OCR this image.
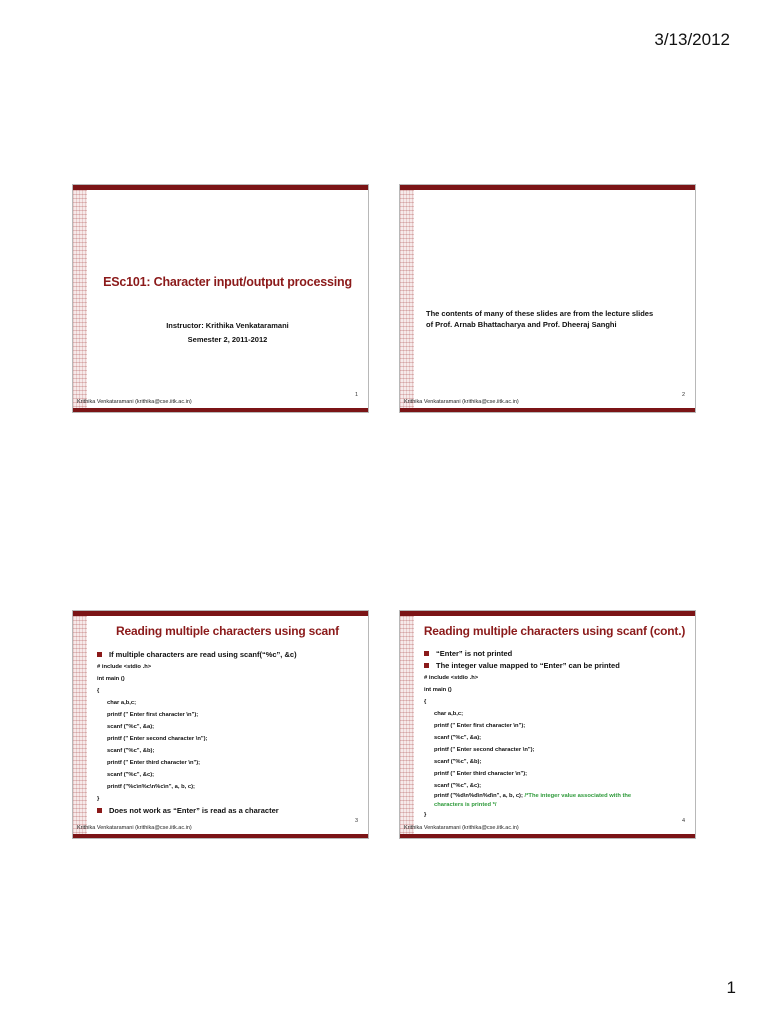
3/13/2012
ESc101: Character input/output processing
Instructor: Krithika Venkataramani
Semester 2, 2011-2012
1
Krithika Venkataramani (krithika@cse.iitk.ac.in)
The contents of many of these slides are from the lecture slides
of Prof. Arnab Bhattacharya and Prof. Dheeraj Sanghi
2
Krithika Venkataramani (krithika@cse.iitk.ac.in)
Reading multiple characters using scanf
If multiple characters are read using scanf(“%c”, &c)
# include <stdio .h>
int main ()
{
char a,b,c;
printf (" Enter first character \n");
scanf ("%c", &a);
printf (" Enter second character \n");
scanf ("%c", &b);
printf (" Enter third character \n");
scanf ("%c", &c);
printf ("%c\n%c\n%c\n", a, b, c);
}
Does not work as “Enter” is read as a character
3
Krithika Venkataramani (krithika@cse.iitk.ac.in)
Reading multiple characters using scanf (cont.)
“Enter” is not printed
The integer value mapped to “Enter” can be printed
# include <stdio .h>
int main ()
{
char a,b,c;
printf (" Enter first character \n");
scanf ("%c", &a);
printf (" Enter second character \n");
scanf ("%c", &b);
printf (" Enter third character \n");
scanf ("%c", &c);
printf ("%d\n%d\n%d\n", a, b, c); /*The integer value associated with the
characters is printed */
}
4
Krithika Venkataramani (krithika@cse.iitk.ac.in)
1
